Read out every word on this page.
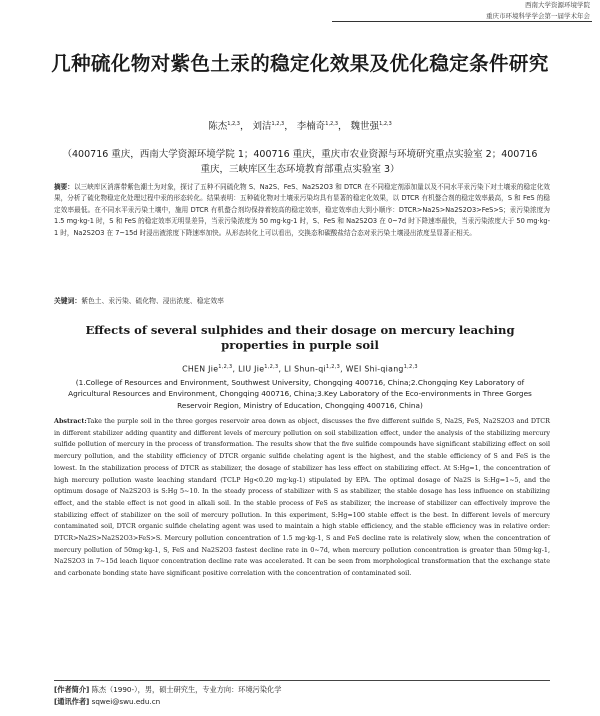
西南大学资源环境学院
重庆市环境科学学会第一届学术年会
几种硫化物对紫色土汞的稳定化效果及优化稳定条件研究
陈杰$^{1,2,3}$， 刘洁$^{1,2,3}$， 李楠奇$^{1,2,3}$， 魏世强$^{1,2,3}$
（400716 重庆，西南大学资源环境学院 1；400716 重庆，重庆市农业资源与环境研究重点实验室 2；400716 重庆，三峡库区生态环境教育部重点实验室 3）
摘要：以三峡库区消落带紫色潮土为对象，探讨了五种不同硫化物 S、Na2S、FeS、Na2S2O3 和 DTCR 在不同稳定剂添加量以及不同水平汞污染下对土壤汞的稳定化效果，分析了硫化物稳定化处理过程中汞的形态转化。结果表明：五种硫化物对土壤汞污染均具有显著的稳定化效果，以 DTCR 有机螯合剂的稳定效率最高，S 和 FeS 的稳定效率最低。在不同水平汞污染土壤中，施用 DTCR 有机螯合剂均保持着较高的稳定效率，稳定效率由大到小顺序：DTCR>Na2S>Na2S2O3>FeS>S；汞污染浓度为 1.5 mg·kg-1 时，S 和 FeS 的稳定效率无明显差异，当汞污染浓度为 50 mg·kg-1 时，S、FeS 和 Na2S2O3 在 0~7d 时下降速率最快，当汞污染浓度大于 50 mg·kg-1 时，Na2S2O3 在 7~15d 时浸出液浓度下降速率加快。从形态转化上可以看出，交换态和碳酸盐结合态对汞污染土壤浸出浓度呈显著正相关。
关键词：紫色土、汞污染、硫化物、浸出浓度、稳定效率
Effects of several sulphides and their dosage on mercury leaching properties in purple soil
CHEN Jie$^{1,2,3}$, LIU Jie$^{1,2,3}$, LI Shun-qi$^{1,2,3}$, WEI Shi-qiang$^{1,2,3}$
(1.College of Resources and Environment, Southwest University, Chongqing 400716, China;2.Chongqing Key Laboratory of Agricultural Resources and Environment, Chongqing 400716, China;3.Key Laboratory of the Eco-environments in Three Gorges Reservoir Region, Ministry of Education, Chongqing 400716, China)
Abstract:Take the purple soil in the three gorges reservoir area down as object, discusses the five different sulfide S, Na2S, FeS, Na2S2O3 and DTCR in different stabilizer adding quantity and different levels of mercury pollution on soil stabilization effect, under the analysis of the stabilizing mercury sulfide pollution of mercury in the process of transformation. The results show that the five sulfide compounds have significant stabilizing effect on soil mercury pollution, and the stability efficiency of DTCR organic sulfide chelating agent is the highest, and the stable efficiency of S and FeS is the lowest. In the stabilization process of DTCR as stabilizer, the dosage of stabilizer has less effect on stabilizing effect. At S:Hg=1, the concentration of high mercury pollution waste leaching standard (TCLP Hg<0.20 mg·kg-1) stipulated by EPA. The optimal dosage of Na2S is S:Hg=1~5, and the optimum dosage of Na2S2O3 is S:Hg 5~10. In the steady process of stabilizer with S as stabilizer, the stable dosage has less influence on stabilizing effect, and the stable effect is not good in alkali soil. In the stable process of FeS as stabilizer, the increase of stabilizer can effectively improve the stabilizing effect of stabilizer on the soil of mercury pollution. In this experiment, S:Hg=100 stable effect is the best. In different levels of mercury contaminated soil, DTCR organic sulfide chelating agent was used to maintain a high stable efficiency, and the stable efficiency was in relative order: DTCR>Na2S>Na2S2O3>FeS>S. Mercury pollution concentration of 1.5 mg·kg-1, S and FeS decline rate is relatively slow, when the concentration of mercury pollution of 50mg·kg-1, S, FeS and Na2S2O3 fastest decline rate in 0~7d, when mercury pollution concentration is greater than 50mg·kg-1, Na2S2O3 in 7~15d leach liquor concentration decline rate was accelerated. It can be seen from morphological transformation that the exchange state and carbonate bonding state have significant positive correlation with the concentration of contaminated soil.
[作者简介] 陈杰（1990-），男，硕士研究生，专业方向：环境污染化学
[通讯作者] sqwei@swu.edu.cn
